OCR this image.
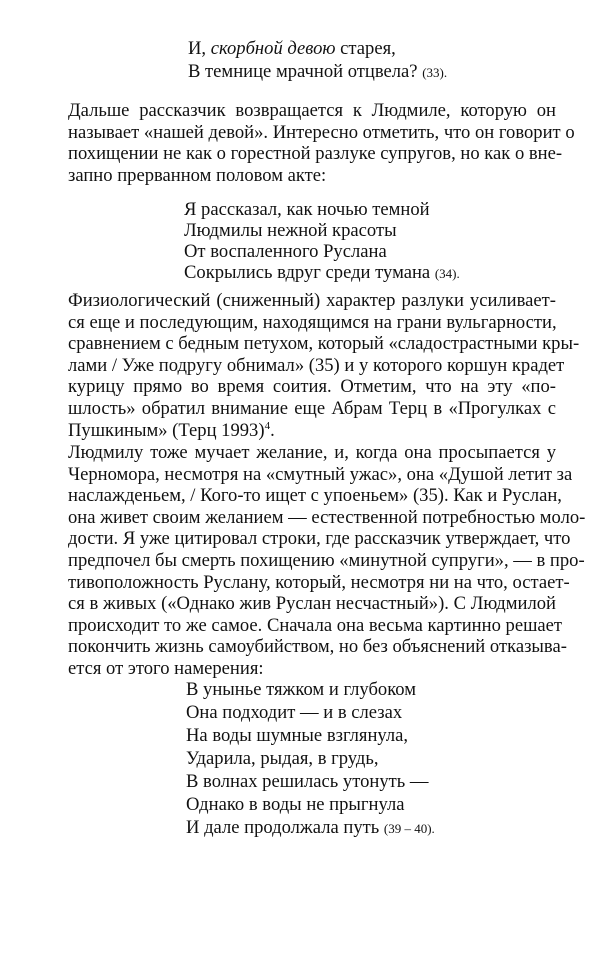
И, скорбной девою старея,
В темнице мрачной отцвела? (33).
Дальше рассказчик возвращается к Людмиле, которую он
называет «нашей девой». Интересно отметить, что он говорит о
похищении не как о горестной разлуке супругов, но как о вне-
запно прерванном половом акте:
Я рассказал, как ночью темной
Людмилы нежной красоты
От воспаленного Руслана
Сокрылись вдруг среди тумана (34).
Физиологический (сниженный) характер разлуки усиливает-
ся еще и последующим, находящимся на грани вульгарности,
сравнением с бедным петухом, который «сладострастными кры-
лами / Уже подругу обнимал» (35) и у которого коршун крадет
курицу прямо во время соития. Отметим, что на эту «по-
шлость» обратил внимание еще Абрам Терц в «Прогулках с
Пушкиным» (Терц 1993)$^4$.
Людмилу тоже мучает желание, и, когда она просыпается у
Черномора, несмотря на «смутный ужас», она «Душой летит за
наслажденьем, / Кого-то ищет с упоеньем» (35). Как и Руслан,
она живет своим желанием — естественной потребностью моло-
дости. Я уже цитировал строки, где рассказчик утверждает, что
предпочел бы смерть похищению «минутной супруги», — в про-
тивоположность Руслану, который, несмотря ни на что, остает-
ся в живых («Однако жив Руслан несчастный»). С Людмилой
происходит то же самое. Сначала она весьма картинно решает
покончить жизнь самоубийством, но без объяснений отказыва-
ется от этого намерения:
В унынье тяжком и глубоком
Она подходит — и в слезах
На воды шумные взглянула,
Ударила, рыдая, в грудь,
В волнах решилась утонуть —
Однако в воды не прыгнула
И дале продолжала путь (39 – 40).
